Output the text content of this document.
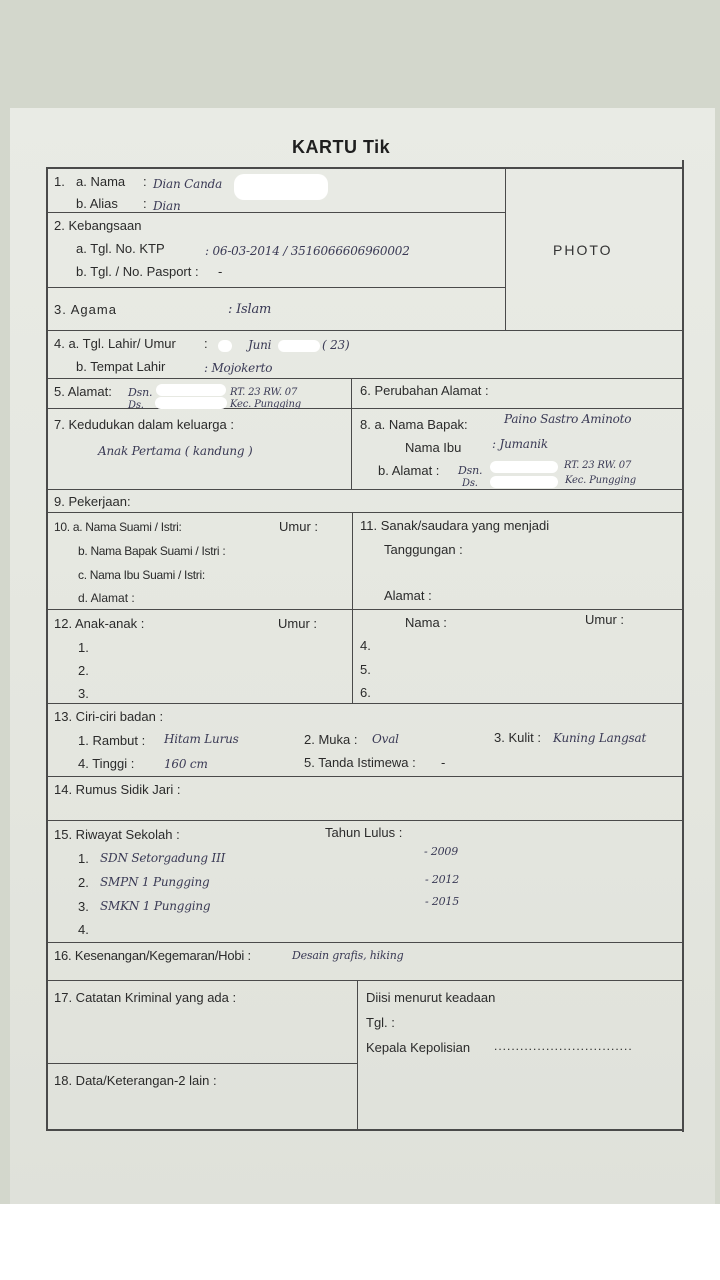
KARTU Tik
PHOTO
1. a. Nama : Dian Canda
b. Alias : Dian
2. Kebangsaan
a. Tgl. No. KTP	: 06-03-2014 / 3516066606960002
b. Tgl. / No. Pasport : -
3. Agama	: Islam
4. a. Tgl. Lahir/ Umur :	Juni	( 23)
b. Tempat Lahir	: Mojokerto
5. Alamat: Dsn.	RT. 23 RW. 07
Ds.	Kec. Pungging
6. Perubahan Alamat :
7. Kedudukan dalam keluarga :
Anak Pertama ( kandung )
8. a. Nama Bapak:	Paino Sastro Aminoto
Nama Ibu	: Jumanik
b. Alamat : Dsn.	RT. 23 RW. 07
Ds.	Kec. Pungging
9. Pekerjaan:
10. a. Nama Suami / Istri:	Umur :
b. Nama Bapak Suami / Istri :
c. Nama Ibu Suami / Istri:
d. Alamat :
11. Sanak/saudara yang menjadi
Tanggungan :
Alamat :
12. Anak-anak :	Umur :	Nama :	Umur :
1.
2.
3.
4.
5.
6.
13. Ciri-ciri badan :
1. Rambut : Hitam Lurus	2. Muka : Oval	3. Kulit : Kuning Langsat
4. Tinggi : 160 cm	5. Tanda Istimewa : -
14. Rumus Sidik Jari :
15. Riwayat Sekolah :	Tahun Lulus :
1. SDN Setorgadung III	- 2009
2. SMPN 1 Pungging	- 2012
3. SMKN 1 Pungging	- 2015
4.
16. Kesenangan/Kegemaran/Hobi :	Desain grafis, hiking
17. Catatan Kriminal yang ada :
18. Data/Keterangan-2 lain :
Diisi menurut keadaan
Tgl. :
Kepala Kepolisian ................................
